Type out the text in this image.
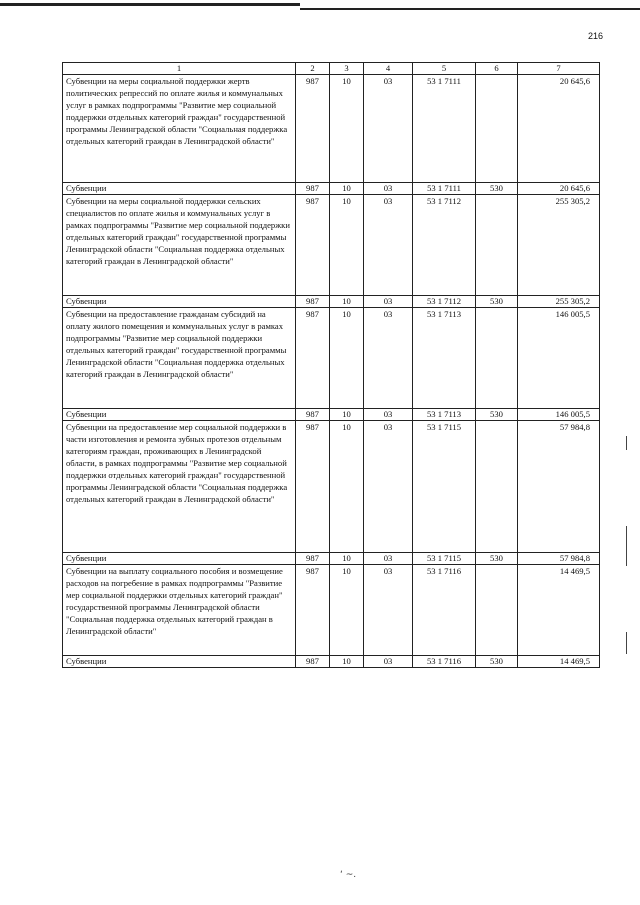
216
1	2	3	4	5	6	7
Субвенции на меры социальной поддержки жертв политических репрессий по оплате жилья и коммунальных услуг в рамках подпрограммы "Развитие мер социальной поддержки отдельных категорий граждан" государственной программы Ленинградской области "Социальная поддержка отдельных категорий граждан в Ленинградской области"	987	10	03	53 1 7111		20 645,6
Субвенции	987	10	03	53 1 7111	530	20 645,6
Субвенции на меры социальной поддержки сельских специалистов по оплате жилья и коммунальных услуг в рамках подпрограммы "Развитие мер социальной поддержки отдельных категорий граждан" государственной программы Ленинградской области "Социальная поддержка отдельных категорий граждан в Ленинградской области"	987	10	03	53 1 7112		255 305,2
Субвенции	987	10	03	53 1 7112	530	255 305,2
Субвенции на предоставление гражданам субсидий на оплату жилого помещения и коммунальных услуг в рамках подпрограммы "Развитие мер социальной поддержки отдельных категорий граждан" государственной программы Ленинградской области "Социальная поддержка отдельных категорий граждан в Ленинградской области"	987	10	03	53 1 7113		146 005,5
Субвенции	987	10	03	53 1 7113	530	146 005,5
Субвенции на предоставление мер социальной поддержки в части изготовления и ремонта зубных протезов отдельным категориям граждан, проживающих в Ленинградской области, в рамках подпрограммы "Развитие мер социальной поддержки отдельных категорий граждан" государственной программы Ленинградской области "Социальная поддержка отдельных категорий граждан в Ленинградской области"	987	10	03	53 1 7115		57 984,8
Субвенции	987	10	03	53 1 7115	530	57 984,8
Субвенции на выплату социального пособия и возмещение расходов на погребение в рамках подпрограммы "Развитие мер социальной поддержки отдельных категорий граждан" государственной программы Ленинградской области "Социальная поддержка отдельных категорий граждан в Ленинградской области"	987	10	03	53 1 7116		14 469,5
Субвенции	987	10	03	53 1 7116	530	14 469,5
‘ ~.
